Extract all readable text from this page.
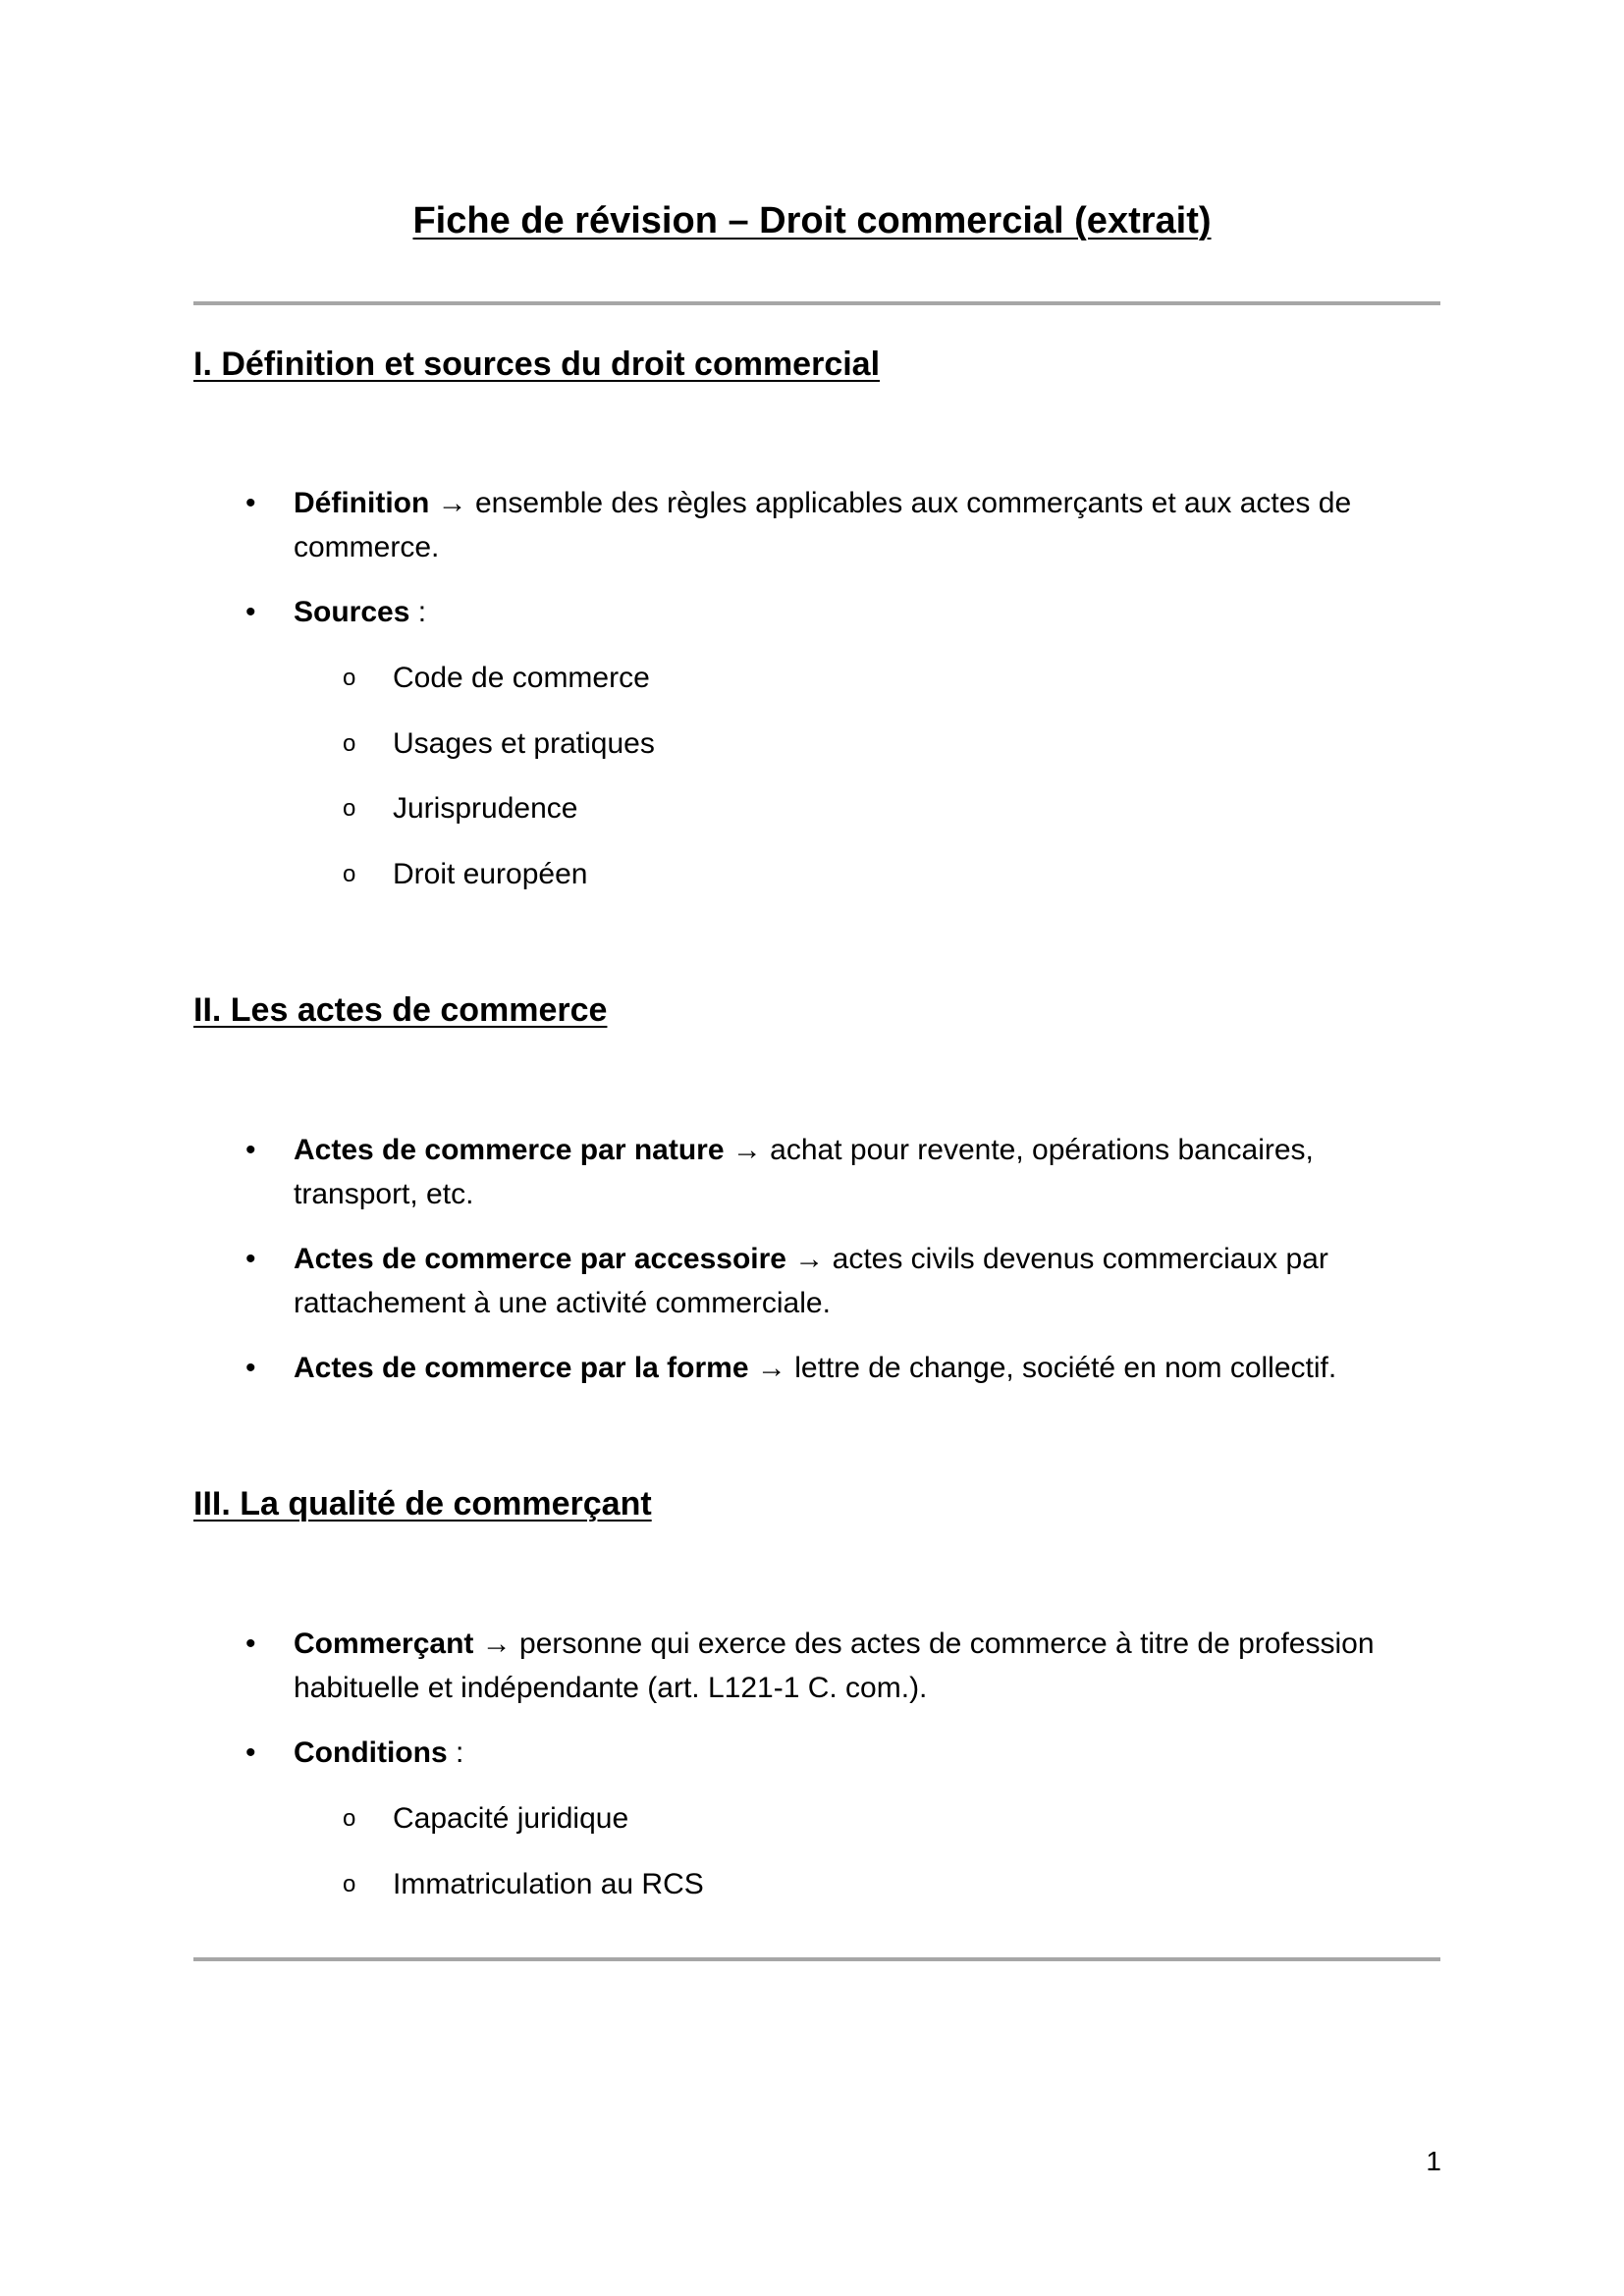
Fiche de révision – Droit commercial (extrait)
I. Définition et sources du droit commercial
•	Définition → ensemble des règles applicables aux commerçants et aux actes de commerce.
•	Sources :
o Code de commerce
o Usages et pratiques
o Jurisprudence
o Droit européen
II. Les actes de commerce
•	Actes de commerce par nature → achat pour revente, opérations bancaires, transport, etc.
•	Actes de commerce par accessoire → actes civils devenus commerciaux par rattachement à une activité commerciale.
•	Actes de commerce par la forme → lettre de change, société en nom collectif.
III. La qualité de commerçant
•	Commerçant → personne qui exerce des actes de commerce à titre de profession habituelle et indépendante (art. L121-1 C. com.).
•	Conditions :
o Capacité juridique
o Immatriculation au RCS
1
